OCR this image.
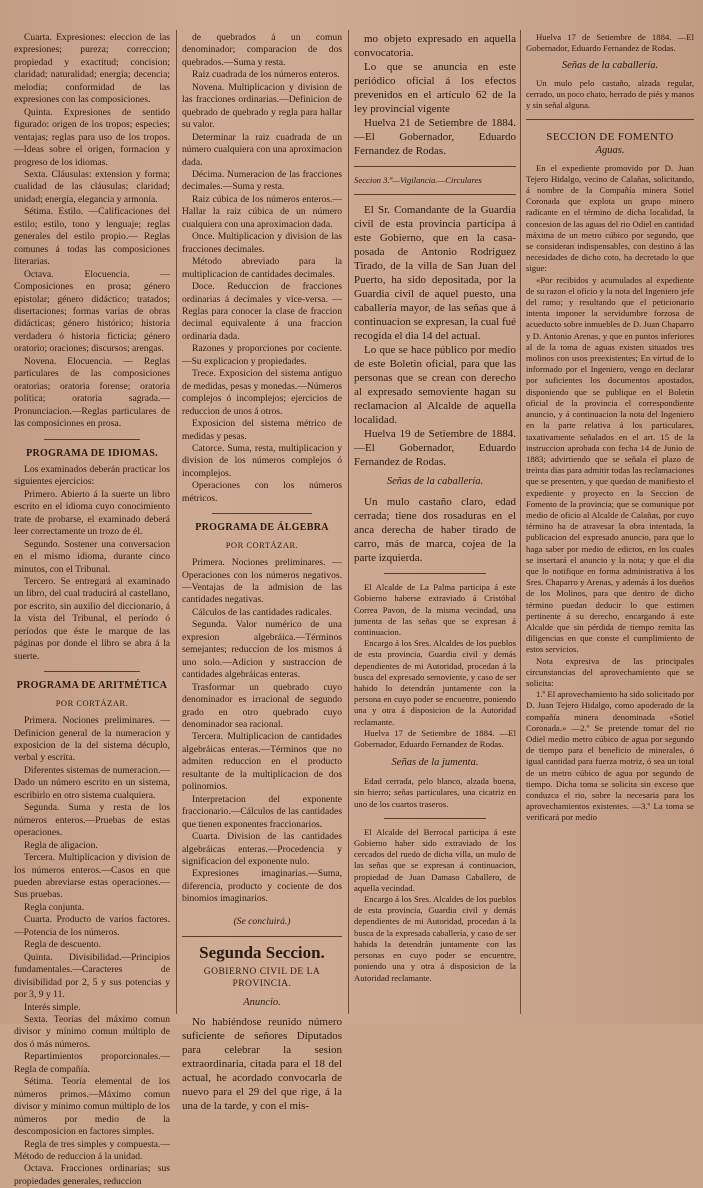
Cuarta. Expresiones: eleccion de las expresiones; pureza; correccion; propiedad y exactitud; concision; claridad; naturalidad; energía; decencia; melodía; conformidad de las expresiones con las composiciones.

Quinta. Expresiones de sentido figurado: origen de los tropos; especies; ventajas; reglas para uso de los tropos.—Ideas sobre el origen, formacion y progreso de los idiomas.

Sexta. Cláusulas: extension y forma; cualidad de las cláusulas; claridad; unidad; energía, elegancia y armonía.

Sétima. Estilo. —Calificaciones del estilo; estilo, tono y lenguaje; reglas generales del estilo propio.— Reglas comunes á todas las composiciones literarias.

Octava. Elocuencia. —Composiciones en prosa; género epistolar; género didáctico; tratados; disertaciones; formas varias de obras didácticas; género histórico; historia verdadera ó historia ficticia; género oratorio; oraciones; discursos; arengas.

Novena. Elocuencia. — Reglas particulares de las composiciones oratorias; oratoria forense; oratoria política; oratoria sagrada.—Pronunciacion.—Reglas particulares de las composiciones en prosa.

PROGRAMA DE IDIOMAS.

Los examinados deberán practicar los siguientes ejercicios:

Primero. Abierto á la suerte un libro escrito en el idioma cuyo conocimiento trate de probarse, el examinado deberá leer correctamente un trozo de él.

Segundo. Sostener una conversacion en el mismo idioma, durante cinco minutos, con el Tribunal.

Tercero. Se entregará al examinado un libro, del cual traducirá al castellano, por escrito, sin auxilio del diccionario, á la vista del Tribunal, el período ó períodos que éste le marque de las páginas por donde el libro se abra á la suerte.

PROGRAMA DE ARITMÉTICA

POR CORTÁZAR.

Primera. Nociones preliminares. —Definicion general de la numeracion y exposicion de la del sistema décuplo, verbal y escrita.

Diferentes sistemas de numeracion.—Dado un número escrito en un sistema, escribirlo en otro sistema cualquiera.

Segunda. Suma y resta de los números enteros.—Pruebas de estas operaciones.

Regla de aligacion.

Tercera. Multiplicacion y division de los números enteros.—Casos en que pueden abreviarse estas operaciones.—Sus pruebas.

Regla conjunta.

Cuarta. Producto de varios factores.—Potencia de los números.

Regla de descuento.

Quinta. Divisibilidad.—Principios fundamentales.—Caracteres de divisibilidad por 2, 5 y sus potencias y por 3, 9 y 11.

Interés simple.

Sexta. Teorías del máximo comun divisor y mínimo comun múltiplo de dos ó más números.

Repartimientos proporcionales.—Regla de compañía.

Sétima. Teoría elemental de los números primos.—Máximo comun divisor y mínimo comun múltiplo de los números por medio de la descomposicion en factores simples.

Regla de tres simples y compuesta.—Método de reduccion á la unidad.

Octava. Fracciones ordinarias; sus propiedades generales, reduccion

de quebrados á un comun denominador; comparacion de dos quebrados.—Suma y resta.

Raiz cuadrada de los números enteros.

Novena. Multiplicacion y division de las fracciones ordinarias.—Definicion de quebrado de quebrado y regla para hallar su valor.

Determinar la raiz cuadrada de un número cualquiera con una aproximacion dada.

Décima. Numeracion de las fracciones decimales.—Suma y resta.

Raiz cúbica de los números enteros.—Hallar la raiz cúbica de un número cualquiera con una aproximacion dada.

Once. Multiplicacion y division de las fracciones decimales.

Método abreviado para la multiplicacion de cantidades decimales.

Doce. Reduccion de fracciones ordinarias á decimales y vice-versa. —Reglas para conocer la clase de fraccion decimal equivalente á una fraccion ordinaria dada.

Razones y proporciones por cociente.—Su explicacion y propiedades.

Trece. Exposicion del sistema antiguo de medidas, pesas y monedas.—Números complejos ó incomplejos; ejercicios de reduccion de unos á otros.

Exposicion del sistema métrico de medidas y pesas.

Catorce. Suma, resta, multiplicacion y division de los números complejos ó incomplejos.

Operaciones con los números métricos.

PROGRAMA DE ÁLGEBRA

POR CORTÁZAR.

Primera. Nociones preliminares. —Operaciones con los números negativos.—Ventajas de la admision de las cantidades negativas.

Cálculos de las cantidades radicales.

Segunda. Valor numérico de una expresion algebráica.—Términos semejantes; reduccion de los mismos á uno solo.—Adicion y sustraccion de cantidades algebráicas enteras.

Trasformar un quebrado cuyo denominador es irracional de segundo grado en otro quebrado cuyo denominador sea racional.

Tercera. Multiplicacion de cantidades algebráicas enteras.—Términos que no admiten reduccion en el producto resultante de la multiplicacion de dos polinomios.

Interpretacion del exponente fraccionario.—Cálculos de las cantidades que tienen exponentes fraccionarios.

Cuarta. Division de las cantidades algebráicas enteras.—Procedencia y significacion del exponente nulo.

Expresiones imaginarias.—Suma, diferencia, producto y cociente de dos binomios imaginarios.

(Se concluirá.)

Segunda Seccion.

GOBIERNO CIVIL DE LA PROVINCIA.

Anuncio.

No habiéndose reunido número suficiente de señores Diputados para celebrar la sesion extraordinaria, citada para el 18 del actual, he acordado convocarla de nuevo para el 29 del que rige, á la una de la tarde, y con el mis-

mo objeto expresado en aquella convocatoria.

Lo que se anuncia en este periódico oficial á los efectos prevenidos en el artículo 62 de la ley provincial vigente

Huelva 21 de Setiembre de 1884.—El Gobernador, Eduardo Fernandez de Rodas.

Seccion 3.ª—Vigilancia.—Circulares

El Sr. Comandante de la Guardia civil de esta provincia participa á este Gobierno, que en la casa-posada de Antonio Rodriguez Tirado, de la villa de San Juan del Puerto, ha sido depositada, por la Guardia civil de aquel puesto, una caballería mayor, de las señas que á continuacion se expresan, la cual fué recogida el dia 14 del actual.

Lo que se hace público por medio de este Boletin oficial, para que las personas que se crean con derecho al expresado semoviente hagan su reclamacion al Alcalde de aquella localidad.

Huelva 19 de Setiembre de 1884.—El Gobernador, Eduardo Fernandez de Rodas.

Señas de la caballería.

Un mulo castaño claro, edad cerrada; tiene dos rosaduras en el anca derecha de haber tirado de carro, más de marca, cojea de la parte izquierda.

El Alcalde de La Palma participa á este Gobierno haberse extraviado á Cristóbal Correa Pavon, de la misma vecindad, una jumenta de las señas que se expresan á continuacion.

Encargo á los Sres. Alcaldes de los pueblos de esta provincia, Guardia civil y demás dependientes de mi Autoridad, procedan á la busca del expresado semoviente, y caso de ser habido lo detendrán juntamente con la persona en cuyo poder se encuentre, poniendo una y otra á disposicion de la Autoridad reclamante.

Huelva 17 de Setiembre de 1884. —El Gobernador, Eduardo Fernandez de Rodas.

Señas de la jumenta.

Edad cerrada, pelo blanco, alzada buena, sin hierro; señas particulares, una cicatriz en uno de los cuartos traseros.

El Alcalde del Berrocal participa á este Gobierno haber sido extraviado de los cercados del ruedo de dicha villa, un mulo de las señas que se expresan á continuacion, propiedad de Juan Damaso Caballero, de aquella vecindad.

Encargo á los Sres. Alcaldes de los pueblos de esta provincia, Guardia civil y demás dependientes de mi Autoridad, procedan á la busca de la expresada caballería, y caso de ser habida la detendrán juntamente con las personas en cuyo poder se encuentre, poniendo una y otra á disposicion de la Autoridad reclamante.

Huelva 17 de Setiembre de 1884. —El Gobernador, Eduardo Fernandez de Rodas.

Señas de la caballería.

Un mulo pelo castaño, alzada regular, cerrado, un poco chato, herrado de piés y manos y sin señal alguna.

SECCION DE FOMENTO

Aguas.

En el expediente promovido por D. Juan Tejero Hidalgo, vecino de Calañas, solicitando, á nombre de la Compañía minera Sotiel Coronada que explota un grupo minero radicante en el término de dicha localidad, la concesion de las aguas del rio Odiel en cantidad máxima de un metro cúbico por segundo, que se consideran indispensables, con destino á las necesidades de dicho coto, ha decretado lo que sigue:

«Por recibidos y acumulados al expediente de su razon el oficio y la nota del Ingeniero jefe del ramo; y resultando que el peticionario intenta imponer la servidumbre forzosa de acueducto sobre inmuebles de D. Juan Chaparro y D. Antonio Arenas, y que en puntos inferiores al de la toma de aguas existen situados tres molinos con usos preexistentes; En virtud de lo informado por el Ingeniero, vengo en declarar por suficientes los documentos apostados, disponiendo que se publique en el Boletin oficial de la provincia el correspondiente anuncio, y á continuacion la nota del Ingeniero en la parte relativa á los particulares, taxativamente señalados en el art. 15 de la instruccion aprobada con fecha 14 de Junio de 1883; advirtiendo que se señala el plazo de treinta dias para admitir todas las reclamaciones que se presenten, y que quedan de manifiesto el expediente y proyecto en la Seccion de Fomento de la provincia; que se comunique por medio de oficio al Alcalde de Calañas, por cuyo término ha de atravesar la obra intentada, la publicacion del expresado anuncio, para que lo haga saber por medio de edictos, en los cuales se insertará el anuncio y la nota; y que el dia que lo notifique en forma administrativa á los Sres. Chaparro y Arenas, y además á los dueños de los Molinos, para que dentro de dicho término puedan deducir lo que estimen pertinente á su derecho, encargando á este Alcalde que sin pérdida de tiempo remita las diligencias en que conste el cumplimiento de estos servicios.

Nota expresiva de las principales circunstancias del aprovechamiento que se solicita:

1.º El aprovechamiento ha sido solicitado por D. Juan Tejero Hidalgo, como apoderado de la compañía minera denominada «Sotiel Coronada.» —2.º Se pretende tomar del rio Odiel medio metro cúbico de agua por segundo de tiempo para el beneficio de minerales, ó igual cantidad para fuerza motriz, ó sea un total de un metro cúbico de agua por segundo de tiempo. Dicha toma se solicita sin exceso que conduzca el rio, sobre la necesaria para los aprovechamientos existentes. —3.º La toma se verificará por medio
